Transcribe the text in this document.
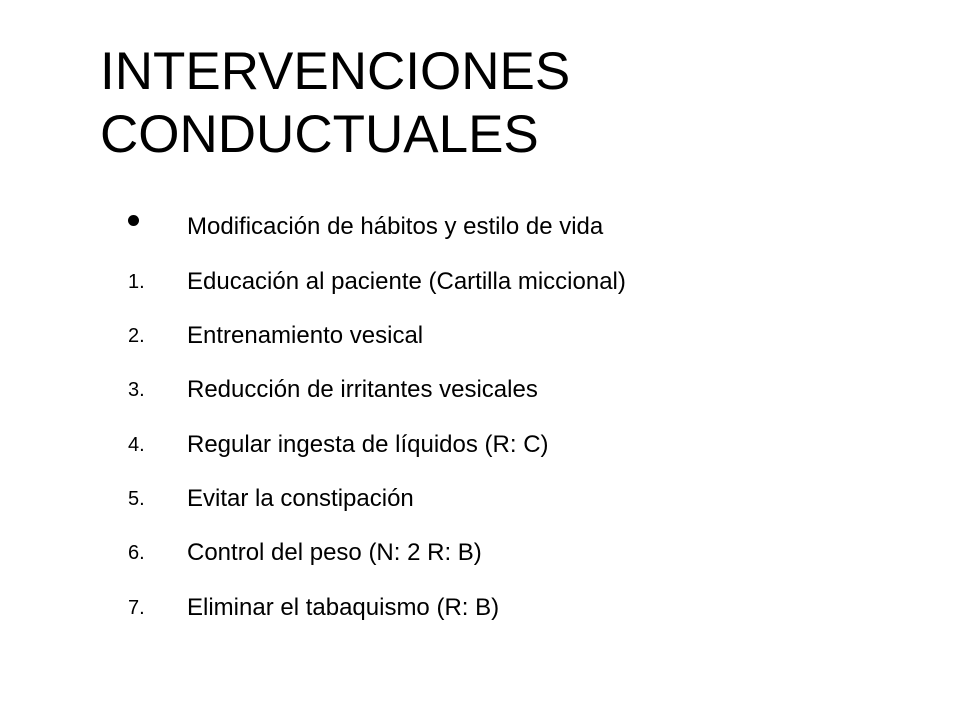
INTERVENCIONES
CONDUCTUALES
Modificación de hábitos y estilo de vida
1.	Educación al paciente (Cartilla miccional)
2.	Entrenamiento vesical
3.	Reducción de irritantes vesicales
4.	Regular ingesta de líquidos (R: C)
5.	Evitar la constipación
6.	Control del peso (N: 2 R: B)
7.	Eliminar el tabaquismo (R: B)
